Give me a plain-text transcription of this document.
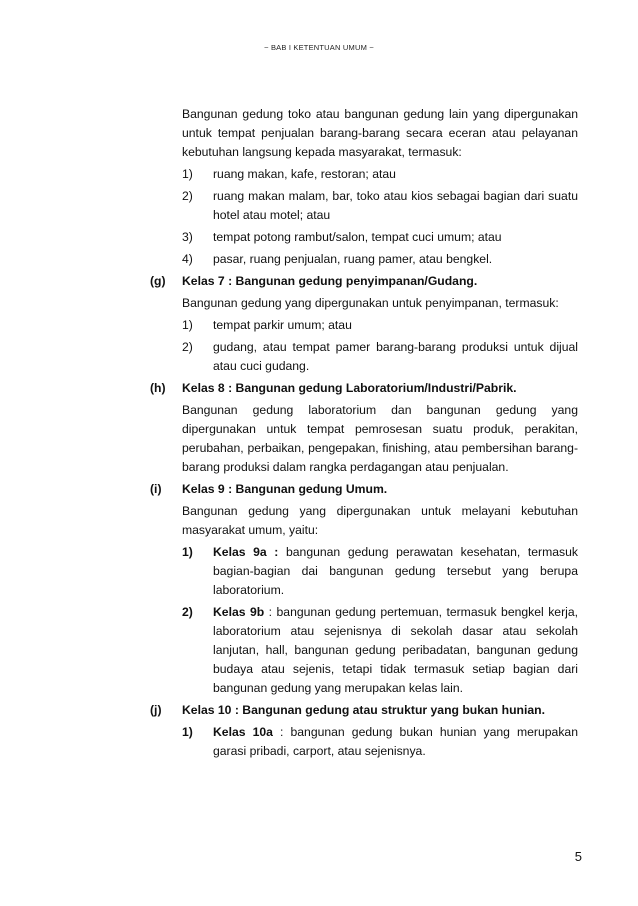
~ BAB I KETENTUAN UMUM ~

Bangunan gedung toko atau bangunan gedung lain yang dipergunakan untuk tempat penjualan barang-barang secara eceran atau pelayanan kebutuhan langsung kepada masyarakat, termasuk:

1) ruang makan, kafe, restoran; atau
2) ruang makan malam, bar, toko atau kios sebagai bagian dari suatu hotel atau motel; atau
3) tempat potong rambut/salon, tempat cuci umum; atau
4) pasar, ruang penjualan, ruang pamer, atau bengkel.
(g) Kelas 7 : Bangunan gedung penyimpanan/Gudang.

Bangunan gedung yang dipergunakan untuk penyimpanan, termasuk:

1) tempat parkir umum; atau
2) gudang, atau tempat pamer barang-barang produksi untuk dijual atau cuci gudang.
(h) Kelas 8 : Bangunan gedung Laboratorium/Industri/Pabrik.

Bangunan gedung laboratorium dan bangunan gedung yang dipergunakan untuk tempat pemrosesan suatu produk, perakitan, perubahan, perbaikan, pengepakan, finishing, atau pembersihan barang-barang produksi dalam rangka perdagangan atau penjualan.

(i) Kelas 9 : Bangunan gedung Umum.

Bangunan gedung yang dipergunakan untuk melayani kebutuhan masyarakat umum, yaitu:

1) Kelas 9a : bangunan gedung perawatan kesehatan, termasuk bagian-bagian dai bangunan gedung tersebut yang berupa laboratorium.
2) Kelas 9b : bangunan gedung pertemuan, termasuk bengkel kerja, laboratorium atau sejenisnya di sekolah dasar atau sekolah lanjutan, hall, bangunan gedung peribadatan, bangunan gedung budaya atau sejenis, tetapi tidak termasuk setiap bagian dari bangunan gedung yang merupakan kelas lain.
(j) Kelas 10 : Bangunan gedung atau struktur yang bukan hunian.
1) Kelas 10a : bangunan gedung bukan hunian yang merupakan garasi pribadi, carport, atau sejenisnya.
5
